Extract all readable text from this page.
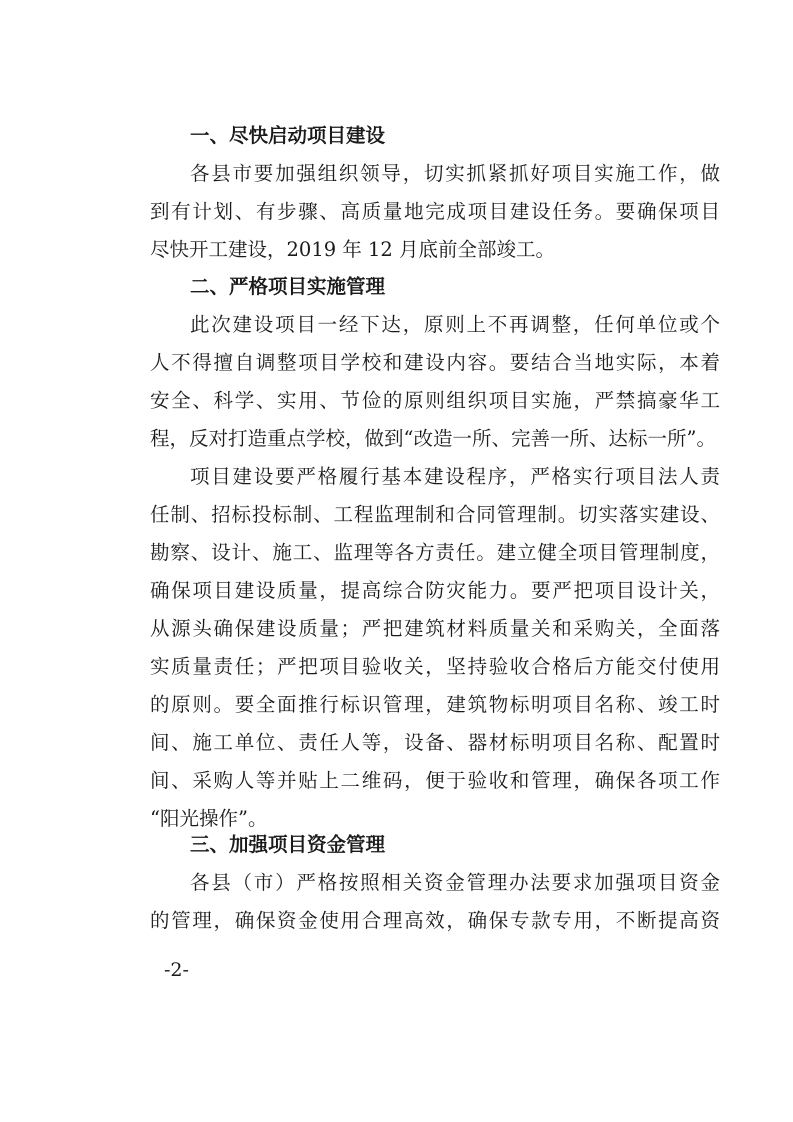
一、尽快启动项目建设
各县市要加强组织领导，切实抓紧抓好项目实施工作，做
到有计划、有步骤、高质量地完成项目建设任务。要确保项目
尽快开工建设，2019 年 12 月底前全部竣工。
二、严格项目实施管理
此次建设项目一经下达，原则上不再调整，任何单位或个
人不得擅自调整项目学校和建设内容。要结合当地实际，本着
安全、科学、实用、节俭的原则组织项目实施，严禁搞豪华工
程，反对打造重点学校，做到“改造一所、完善一所、达标一所”。
项目建设要严格履行基本建设程序，严格实行项目法人责
任制、招标投标制、工程监理制和合同管理制。切实落实建设、
勘察、设计、施工、监理等各方责任。建立健全项目管理制度，
确保项目建设质量，提高综合防灾能力。要严把项目设计关，
从源头确保建设质量；严把建筑材料质量关和采购关，全面落
实质量责任；严把项目验收关，坚持验收合格后方能交付使用
的原则。要全面推行标识管理，建筑物标明项目名称、竣工时
间、施工单位、责任人等，设备、器材标明项目名称、配置时
间、采购人等并贴上二维码，便于验收和管理，确保各项工作
“阳光操作”。
三、加强项目资金管理
各县（市）严格按照相关资金管理办法要求加强项目资金
的管理，确保资金使用合理高效，确保专款专用，不断提高资
-2-
